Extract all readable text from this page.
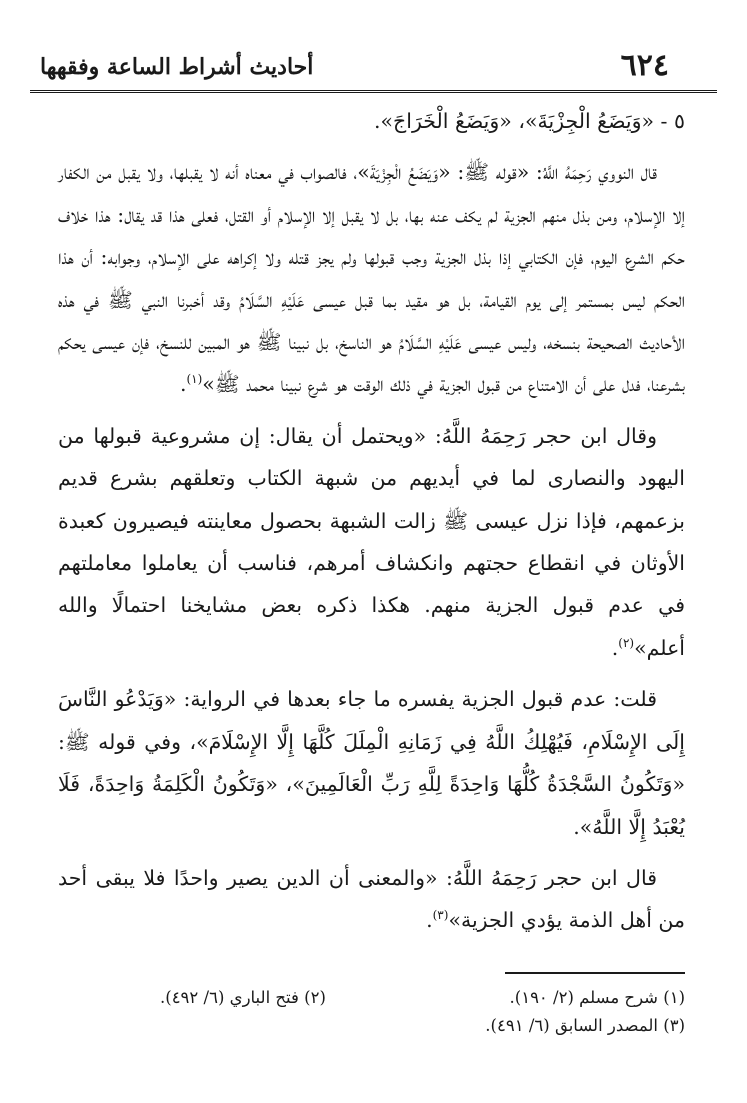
٦٢٤
أحاديث أشراط الساعة وفقهها

٥ - «وَيَضَعُ الْجِزْيَةَ»، «وَيَضَعُ الْخَرَاجَ».

قال النووي رَحِمَهُ اللَّهُ: «قوله ﷺ: «وَيَضَعُ الْجِزْيَةَ»، فالصواب في معناه أنه لا يقبلها، ولا يقبل من الكفار إلا الإسلام، ومن بذل منهم الجزية لم يكف عنه بها، بل لا يقبل إلا الإسلام أو القتل، فعلى هذا قد يقال: هذا خلاف حكم الشرع اليوم، فإن الكتابي إذا بذل الجزية وجب قبولها ولم يجز قتله ولا إكراهه على الإسلام، وجوابه: أن هذا الحكم ليس بمستمر إلى يوم القيامة، بل هو مقيد بما قبل عيسى عَلَيْهِ السَّلَامُ وقد أخبرنا النبي ﷺ في هذه الأحاديث الصحيحة بنسخه، وليس عيسى عَلَيْهِ السَّلَامُ هو الناسخ، بل نبينا ﷺ هو المبين للنسخ، فإن عيسى يحكم بشرعنا، فدل على أن الامتناع من قبول الجزية في ذلك الوقت هو شرع نبينا محمد ﷺ»$^{(١)}$.

وقال ابن حجر رَحِمَهُ اللَّهُ: «ويحتمل أن يقال: إن مشروعية قبولها من اليهود والنصارى لما في أيديهم من شبهة الكتاب وتعلقهم بشرع قديم بزعمهم، فإذا نزل عيسى ﷺ زالت الشبهة بحصول معاينته فيصيرون كعبدة الأوثان في انقطاع حجتهم وانكشاف أمرهم، فناسب أن يعاملوا معاملتهم في عدم قبول الجزية منهم. هكذا ذكره بعض مشايخنا احتمالًا والله أعلم»$^{(٢)}$.

قلت: عدم قبول الجزية يفسره ما جاء بعدها في الرواية: «وَيَدْعُو النَّاسَ إِلَى الإِسْلَامِ، فَيُهْلِكُ اللَّهُ فِي زَمَانِهِ الْمِلَلَ كُلَّهَا إِلَّا الإِسْلَامَ»، وفي قوله ﷺ: «وَتَكُونُ السَّجْدَةُ كُلُّهَا وَاحِدَةً لِلَّهِ رَبِّ الْعَالَمِينَ»، «وَتَكُونُ الْكَلِمَةُ وَاحِدَةً، فَلَا يُعْبَدُ إِلَّا اللَّهُ».

قال ابن حجر رَحِمَهُ اللَّهُ: «والمعنى أن الدين يصير واحدًا فلا يبقى أحد من أهل الذمة يؤدي الجزية»$^{(٣)}$.

(١) شرح مسلم (٢/ ١٩٠).
(٢) فتح الباري (٦/ ٤٩٢).
(٣) المصدر السابق (٦/ ٤٩١).
